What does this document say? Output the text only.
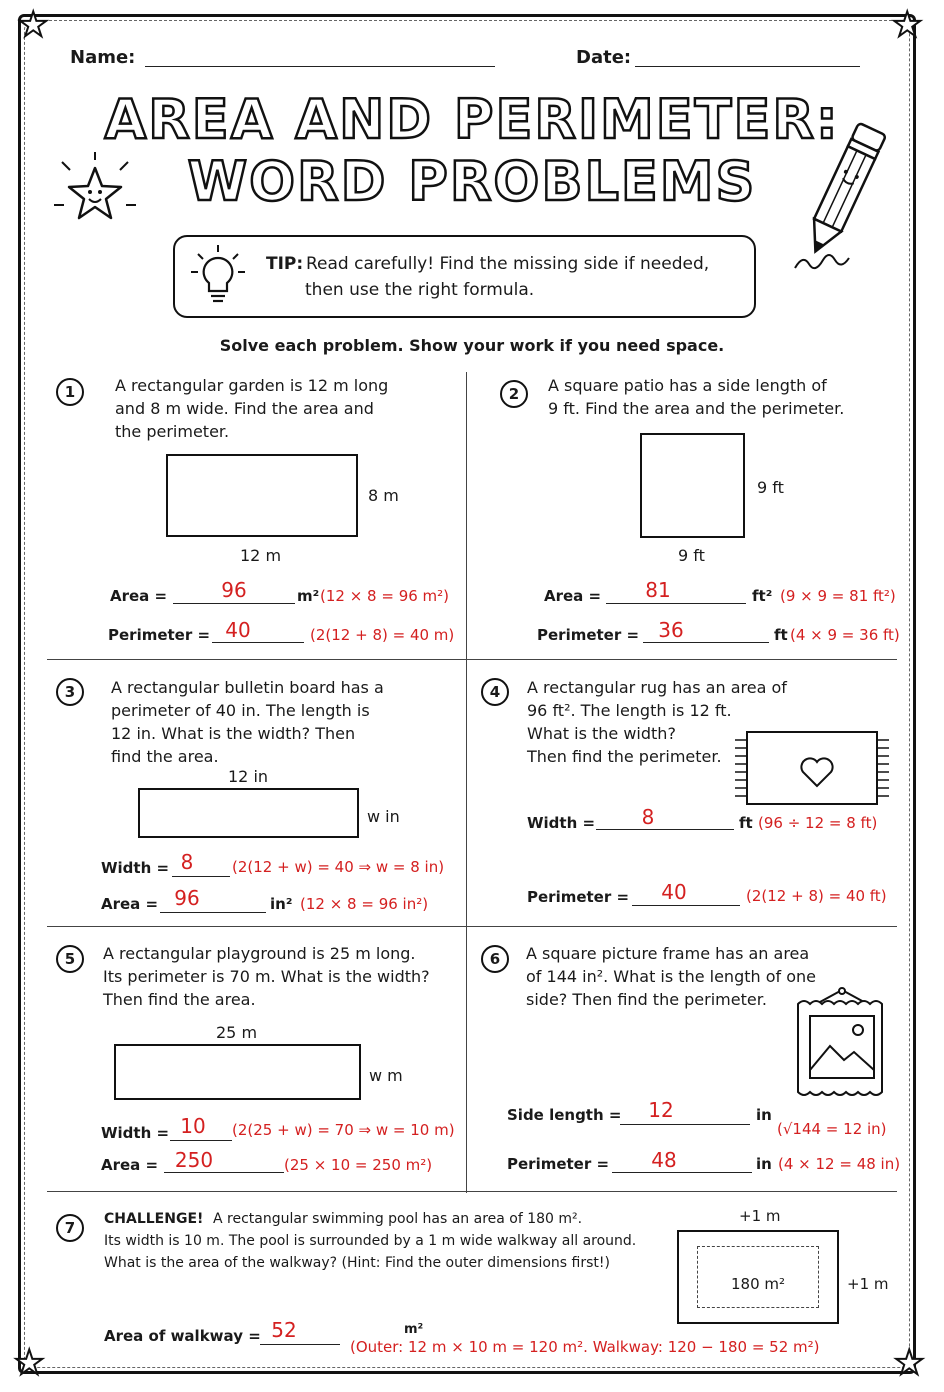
★	★
★	★
Name:	Date:
AREA AND PERIMETER:
WORD PROBLEMS
TIP: Read carefully! Find the missing side if needed,
then use the right formula.
Solve each problem. Show your work if you need space.
1	A rectangular garden is 12 m long
and 8 m wide. Find the area and
the perimeter.
8 m
12 m
Area =	96	m² (12 × 8 = 96 m²)
Perimeter = 40	(2(12 + 8) = 40 m)
2	A square patio has a side length of
9 ft. Find the area and the perimeter.
9 ft
9 ft
Area =	81	ft² (9 × 9 = 81 ft²)
Perimeter = 36	ft (4 × 9 = 36 ft)
3	A rectangular bulletin board has a
perimeter of 40 in. The length is
12 in. What is the width? Then
find the area.
12 in
w in
Width = 8	(2(12 + w) = 40 ⇒ w = 8 in)
Area = 96	in² (12 × 8 = 96 in²)
4	A rectangular rug has an area of
96 ft². The length is 12 ft.
What is the width?
Then find the perimeter.
Width =	8	ft (96 ÷ 12 = 8 ft)
Perimeter =	40	(2(12 + 8) = 40 ft)
5	A rectangular playground is 25 m long.
Its perimeter is 70 m. What is the width?
Then find the area.
25 m
w m
Width = 10	(2(25 + w) = 70 ⇒ w = 10 m)
Area = 250	(25 × 10 = 250 m²)
6	A square picture frame has an area
of 144 in². What is the length of one
side? Then find the perimeter.
Side length =	12	in
(√144 = 12 in)
Perimeter =	48	in (4 × 12 = 48 in)
7	CHALLENGE! A rectangular swimming pool has an area of 180 m².
Its width is 10 m. The pool is surrounded by a 1 m wide walkway all around.
What is the area of the walkway? (Hint: Find the outer dimensions first!)
+1 m
180 m²	+1 m
Area of walkway = 52	m²
(Outer: 12 m × 10 m = 120 m². Walkway: 120 − 180 = 52 m²)
